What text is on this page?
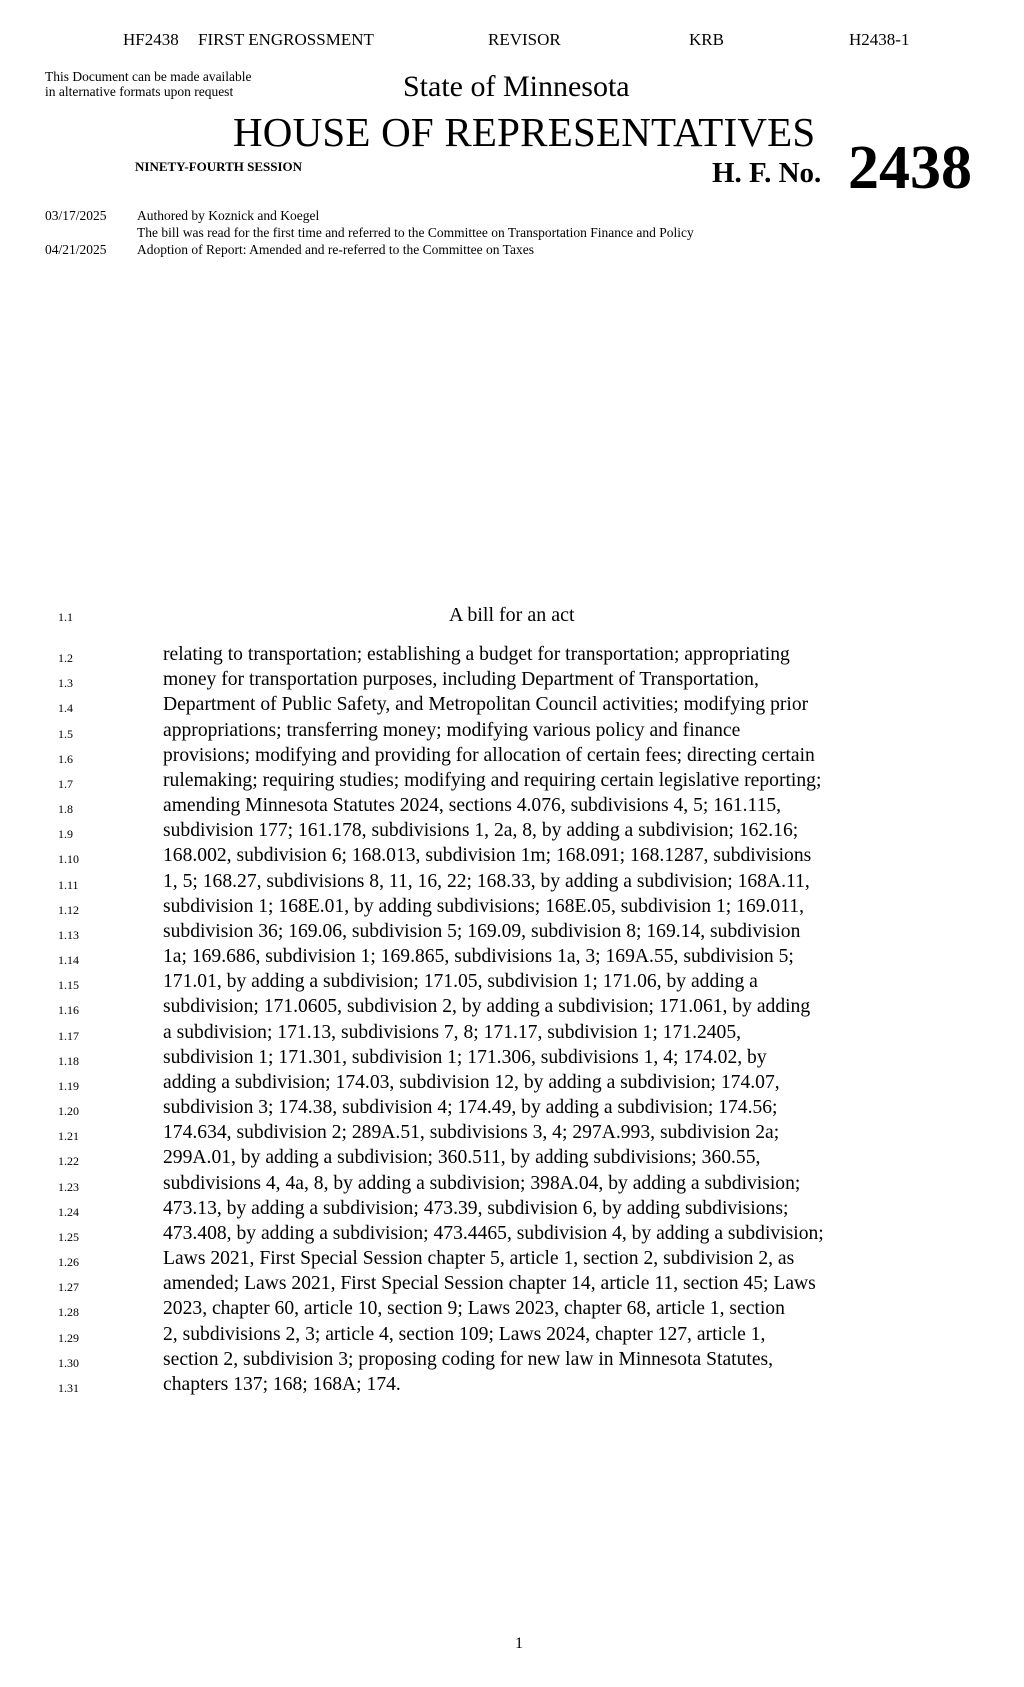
HF2438 FIRST ENGROSSMENT	REVISOR	KRB	H2438-1
This Document can be made available
in alternative formats upon request	State of Minnesota
HOUSE OF REPRESENTATIVES
NINETY-FOURTH SESSION	H. F. No. 2438
03/17/2025 Authored by Koznick and Koegel
The bill was read for the first time and referred to the Committee on Transportation Finance and Policy
04/21/2025 Adoption of Report: Amended and re-referred to the Committee on Taxes
1.1	A bill for an act
1.2	relating to transportation; establishing a budget for transportation; appropriating
1.3	money for transportation purposes, including Department of Transportation,
1.4	Department of Public Safety, and Metropolitan Council activities; modifying prior
1.5	appropriations; transferring money; modifying various policy and finance
1.6	provisions; modifying and providing for allocation of certain fees; directing certain
1.7	rulemaking; requiring studies; modifying and requiring certain legislative reporting;
1.8	amending Minnesota Statutes 2024, sections 4.076, subdivisions 4, 5; 161.115,
1.9	subdivision 177; 161.178, subdivisions 1, 2a, 8, by adding a subdivision; 162.16;
1.10	168.002, subdivision 6; 168.013, subdivision 1m; 168.091; 168.1287, subdivisions
1.11	1, 5; 168.27, subdivisions 8, 11, 16, 22; 168.33, by adding a subdivision; 168A.11,
1.12	subdivision 1; 168E.01, by adding subdivisions; 168E.05, subdivision 1; 169.011,
1.13	subdivision 36; 169.06, subdivision 5; 169.09, subdivision 8; 169.14, subdivision
1.14	1a; 169.686, subdivision 1; 169.865, subdivisions 1a, 3; 169A.55, subdivision 5;
1.15	171.01, by adding a subdivision; 171.05, subdivision 1; 171.06, by adding a
1.16	subdivision; 171.0605, subdivision 2, by adding a subdivision; 171.061, by adding
1.17	a subdivision; 171.13, subdivisions 7, 8; 171.17, subdivision 1; 171.2405,
1.18	subdivision 1; 171.301, subdivision 1; 171.306, subdivisions 1, 4; 174.02, by
1.19	adding a subdivision; 174.03, subdivision 12, by adding a subdivision; 174.07,
1.20	subdivision 3; 174.38, subdivision 4; 174.49, by adding a subdivision; 174.56;
1.21	174.634, subdivision 2; 289A.51, subdivisions 3, 4; 297A.993, subdivision 2a;
1.22	299A.01, by adding a subdivision; 360.511, by adding subdivisions; 360.55,
1.23	subdivisions 4, 4a, 8, by adding a subdivision; 398A.04, by adding a subdivision;
1.24	473.13, by adding a subdivision; 473.39, subdivision 6, by adding subdivisions;
1.25	473.408, by adding a subdivision; 473.4465, subdivision 4, by adding a subdivision;
1.26	Laws 2021, First Special Session chapter 5, article 1, section 2, subdivision 2, as
1.27	amended; Laws 2021, First Special Session chapter 14, article 11, section 45; Laws
1.28	2023, chapter 60, article 10, section 9; Laws 2023, chapter 68, article 1, section
1.29	2, subdivisions 2, 3; article 4, section 109; Laws 2024, chapter 127, article 1,
1.30	section 2, subdivision 3; proposing coding for new law in Minnesota Statutes,
1.31	chapters 137; 168; 168A; 174.
1
